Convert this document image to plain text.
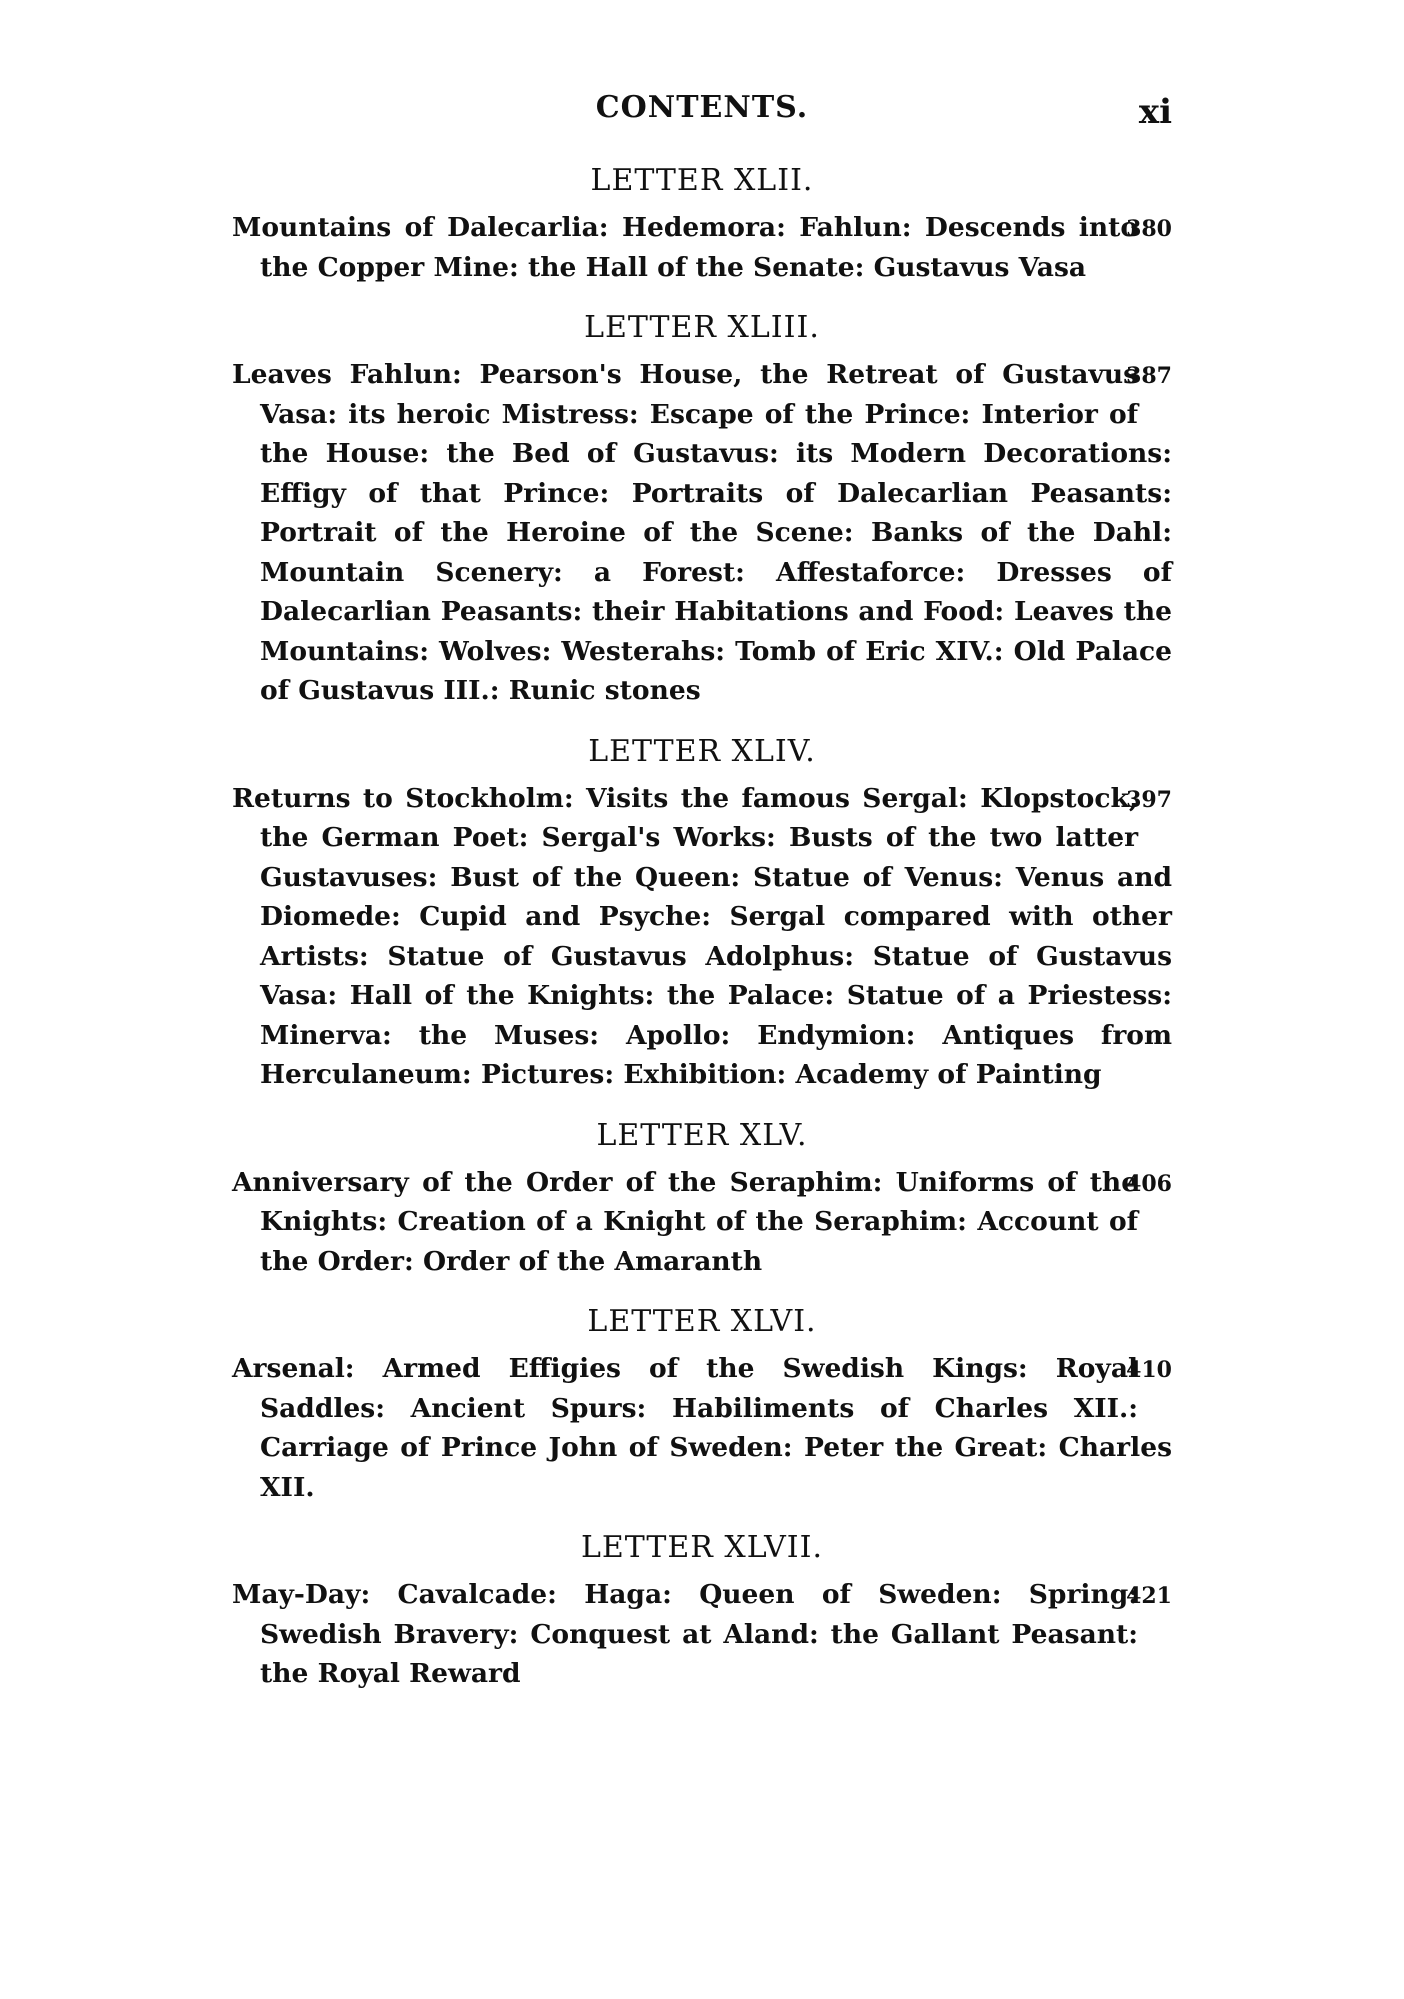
CONTENTS.	xi
LETTER XLII.
380
Mountains of Dalecarlia: Hedemora: Fahlun: Descends into the Copper Mine: the Hall of the Senate: Gustavus Vasa
LETTER XLIII.
387
Leaves Fahlun: Pearson's House, the Retreat of Gustavus Vasa: its heroic Mistress: Escape of the Prince: Interior of the House: the Bed of Gustavus: its Modern Decorations: Effigy of that Prince: Portraits of Dalecarlian Peasants: Portrait of the Heroine of the Scene: Banks of the Dahl: Mountain Scenery: a Forest: Affestaforce: Dresses of Dalecarlian Peasants: their Habitations and Food: Leaves the Mountains: Wolves: Westerahs: Tomb of Eric XIV.: Old Palace of Gustavus III.: Runic stones
LETTER XLIV.
397
Returns to Stockholm: Visits the famous Sergal: Klopstock, the German Poet: Sergal's Works: Busts of the two latter Gustavuses: Bust of the Queen: Statue of Venus: Venus and Diomede: Cupid and Psyche: Sergal compared with other Artists: Statue of Gustavus Adolphus: Statue of Gustavus Vasa: Hall of the Knights: the Palace: Statue of a Priestess: Minerva: the Muses: Apollo: Endymion: Antiques from Herculaneum: Pictures: Exhibition: Academy of Painting
LETTER XLV.
406
Anniversary of the Order of the Seraphim: Uniforms of the Knights: Creation of a Knight of the Seraphim: Account of the Order: Order of the Amaranth
LETTER XLVI.
410
Arsenal: Armed Effigies of the Swedish Kings: Royal Saddles: Ancient Spurs: Habiliments of Charles XII.: Carriage of Prince John of Sweden: Peter the Great: Charles XII.
LETTER XLVII.
421
May-Day: Cavalcade: Haga: Queen of Sweden: Spring: Swedish Bravery: Conquest at Aland: the Gallant Peasant: the Royal Reward
